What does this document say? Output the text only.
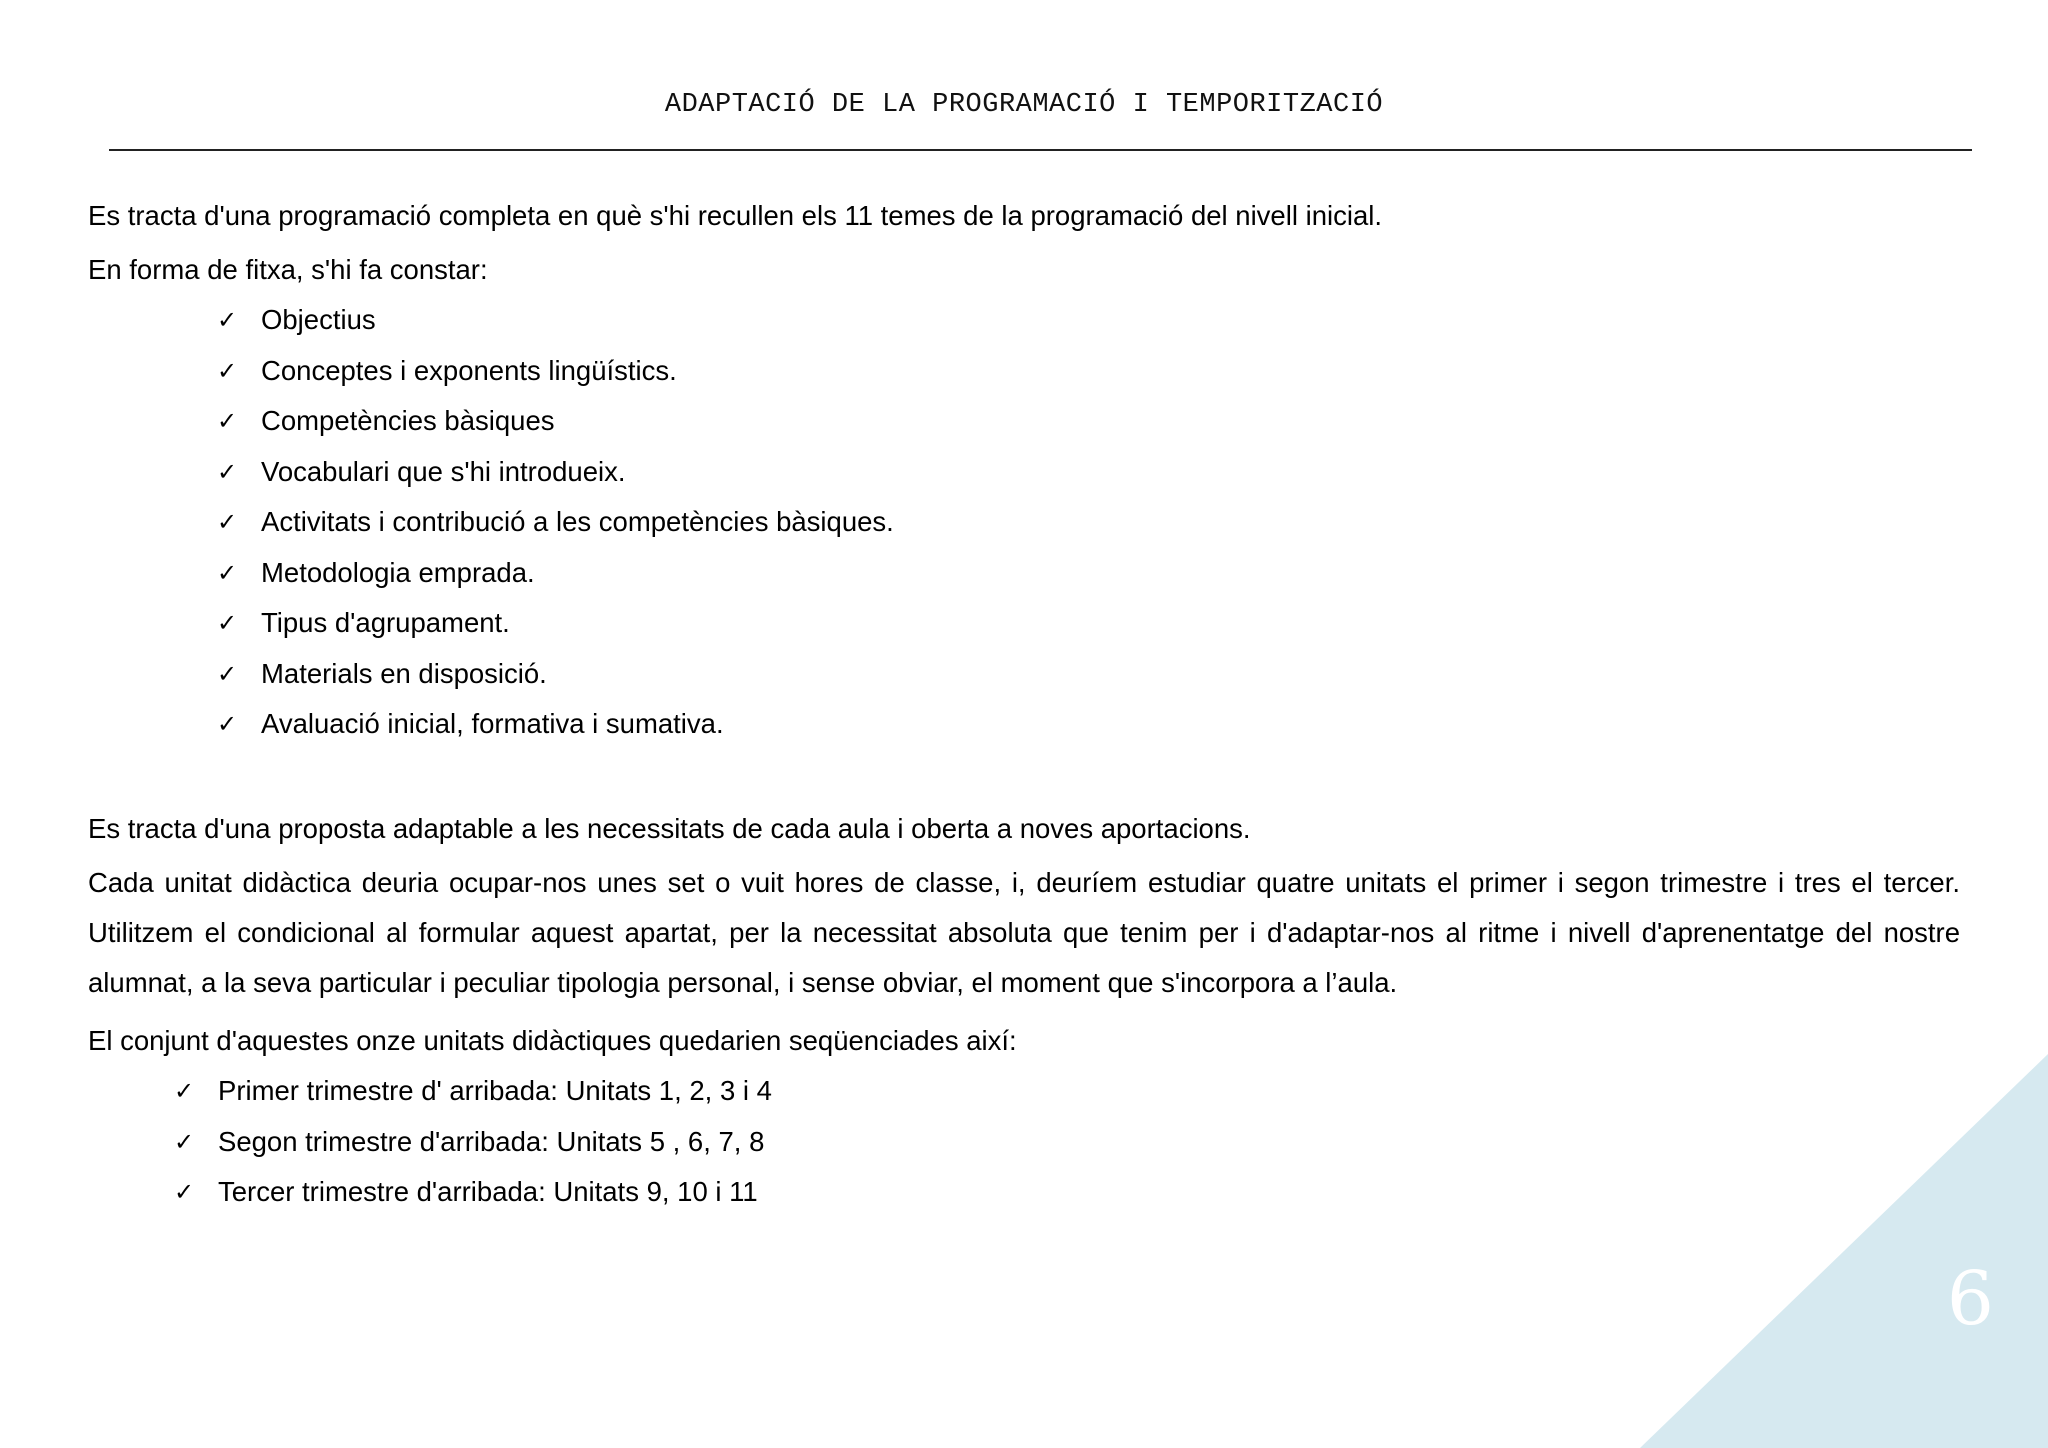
6
ADAPTACIÓ DE LA PROGRAMACIÓ I TEMPORITZACIÓ

Es tracta d'una programació completa en què s'hi recullen els 11 temes de la programació del nivell inicial.

En forma de fitxa, s'hi fa constar:

✓ Objectius
✓ Conceptes i exponents lingüístics.
✓ Competències bàsiques
✓ Vocabulari que s'hi introdueix.
✓ Activitats i contribució a les competències bàsiques.
✓ Metodologia emprada.
✓ Tipus d'agrupament.
✓ Materials en disposició.
✓ Avaluació inicial, formativa i sumativa.

Es tracta d'una proposta adaptable a les necessitats de cada aula i oberta a noves aportacions.

Cada unitat didàctica deuria ocupar-nos unes set o vuit hores de classe, i, deuríem estudiar quatre unitats el primer i segon trimestre i tres el tercer. Utilitzem el condicional al formular aquest apartat, per la necessitat absoluta que tenim per i d'adaptar-nos al ritme i nivell d'aprenentatge del nostre alumnat, a la seva particular i peculiar tipologia personal, i sense obviar, el moment que s'incorpora a l’aula.

El conjunt d'aquestes onze unitats didàctiques quedarien seqüenciades així:

✓ Primer trimestre d' arribada: Unitats 1, 2, 3 i 4
✓ Segon trimestre d'arribada: Unitats 5 , 6, 7, 8
✓ Tercer trimestre d'arribada: Unitats 9, 10 i 11
